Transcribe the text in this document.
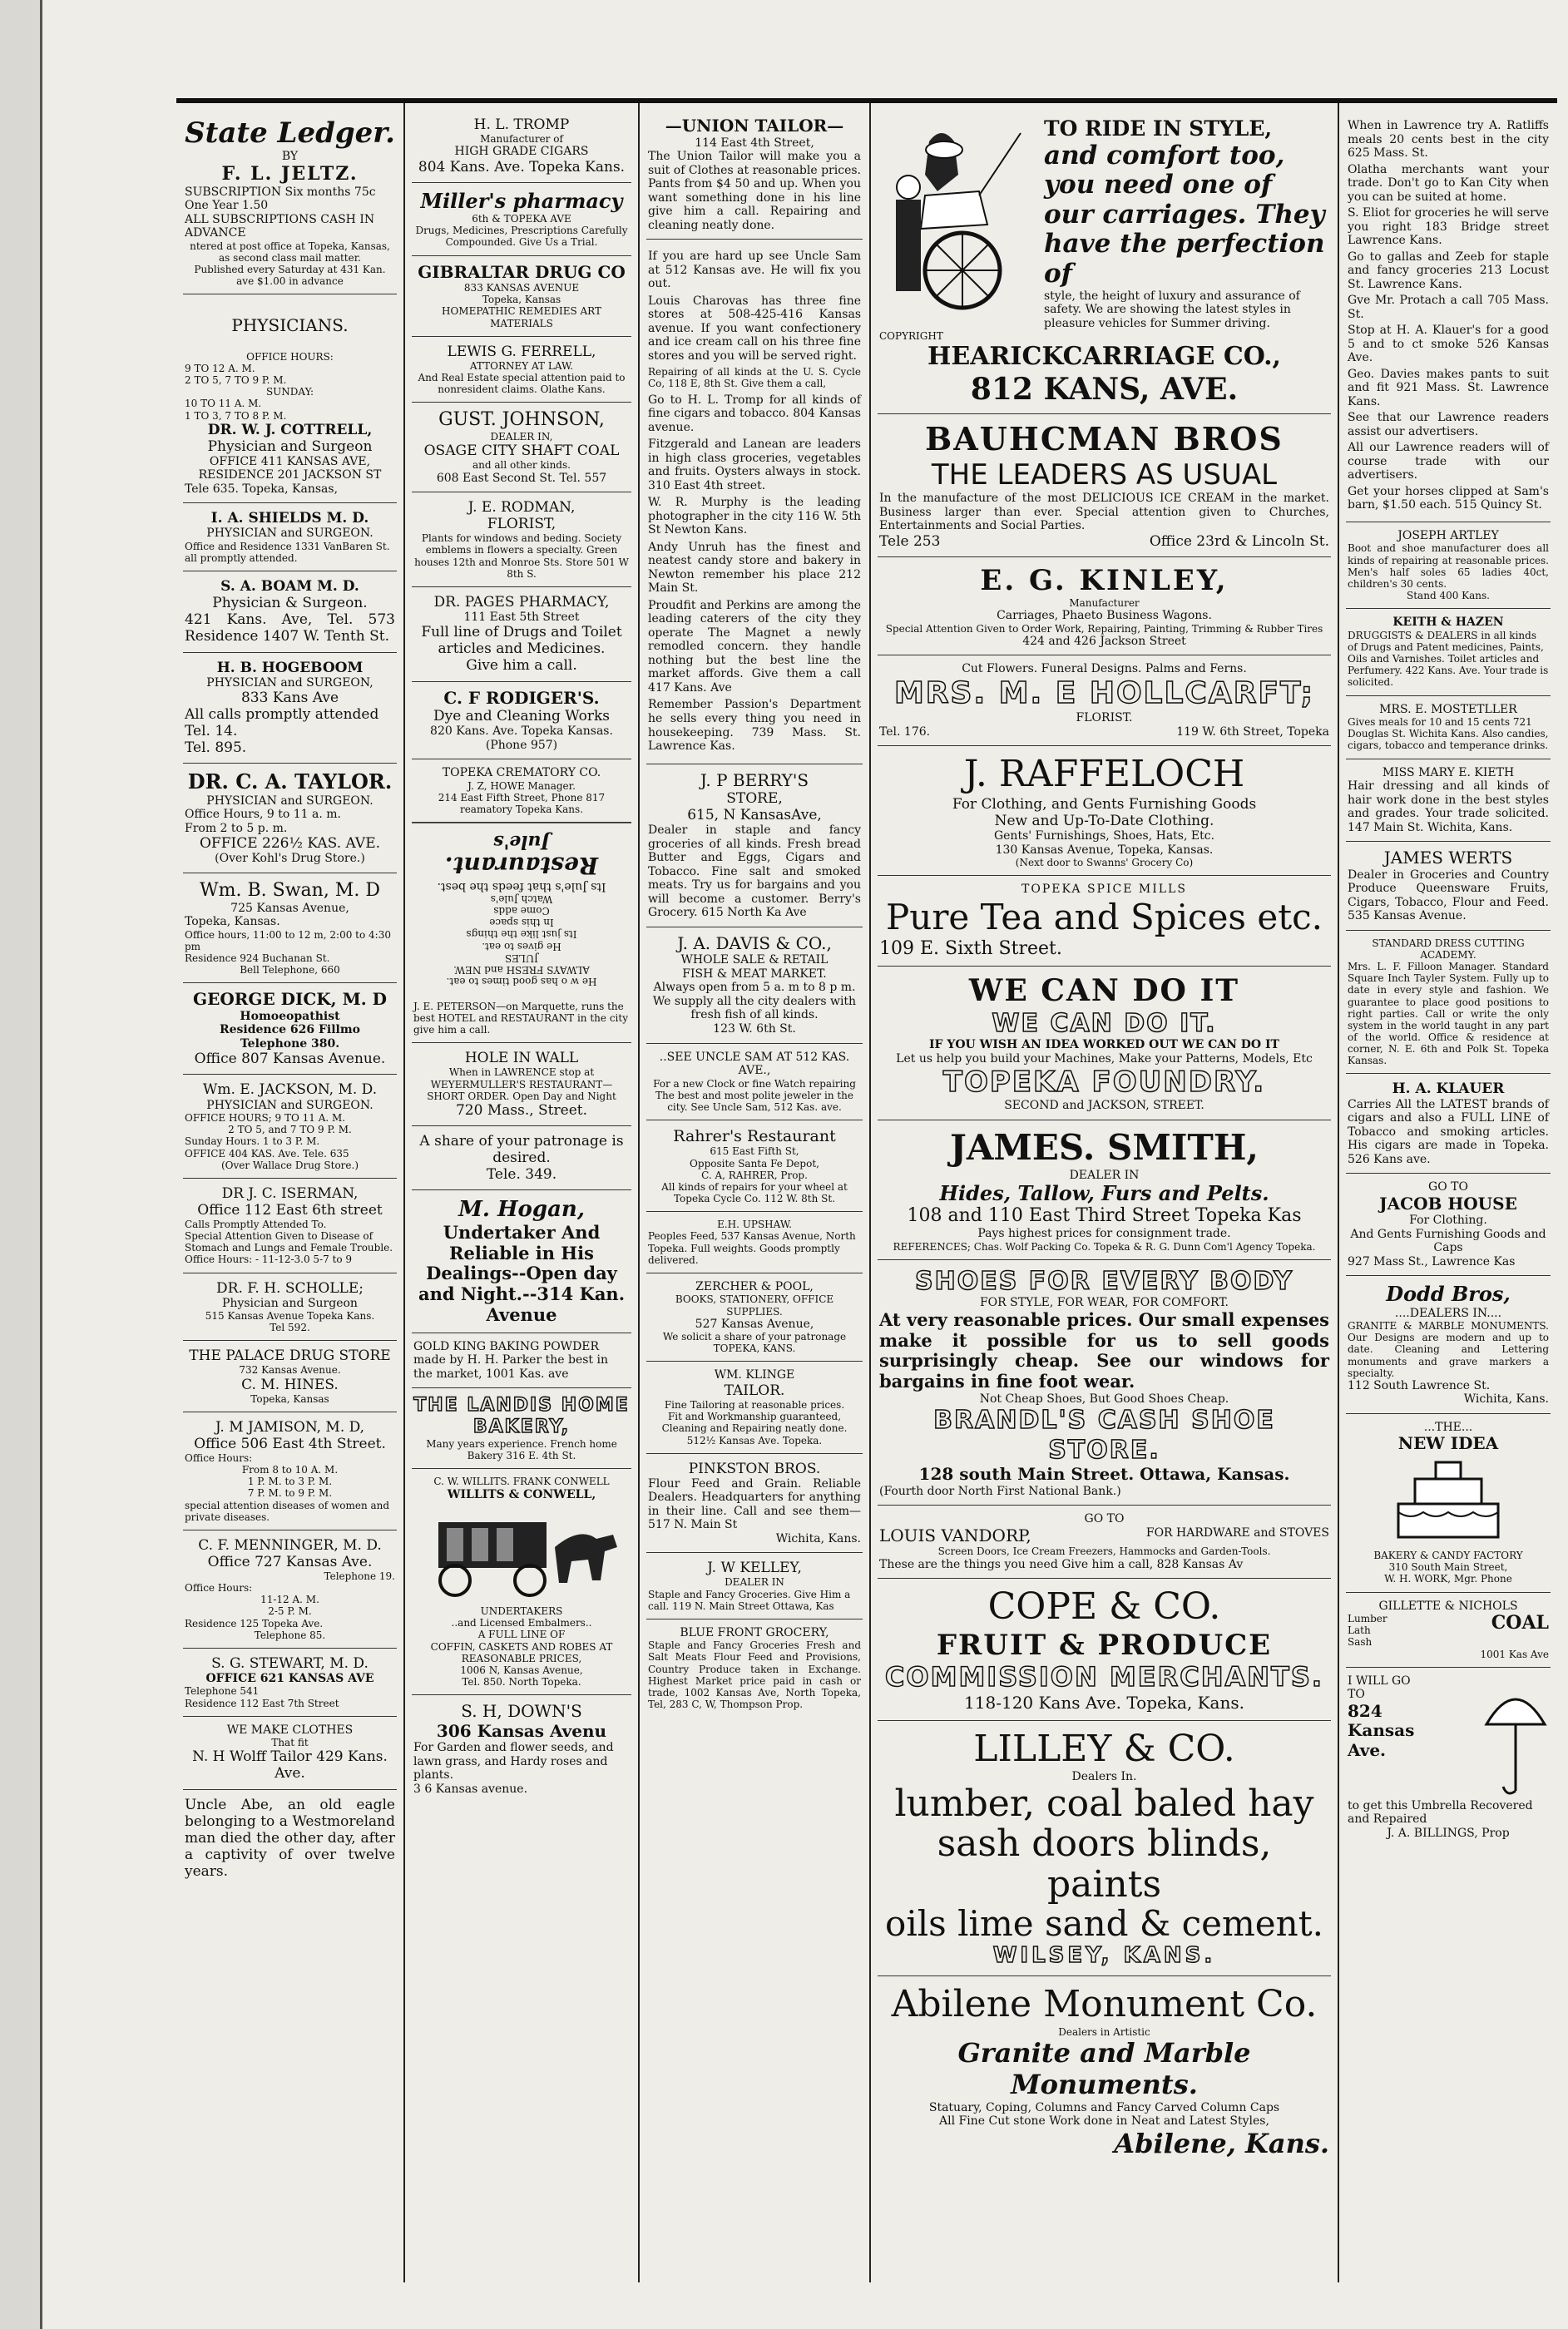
State Ledger.
BY
F. L. JELTZ.
SUBSCRIPTION Six months 75c
One Year 1.50
ALL SUBSCRIPTIONS CASH IN ADVANCE
ntered at post office at Topeka, Kansas, as second class mail matter.
Published every Saturday at 431 Kan. ave $1.00 in advance
PHYSICIANS.
OFFICE HOURS:
9 TO 12 A. M.
2 TO 5, 7 TO 9 P. M.
SUNDAY:
10 TO 11 A. M.
1 TO 3, 7 TO 8 P. M.
DR. W. J. COTTRELL,
Physician and Surgeon
OFFICE 411 KANSAS AVE,
RESIDENCE 201 JACKSON ST
Tele 635. Topeka, Kansas,
I. A. SHIELDS M. D.
PHYSICIAN and SURGEON.
Office and Residence 1331 VanBaren St. all promptly attended.
S. A. BOAM M. D.
Physician & Surgeon.
421 Kans. Ave, Tel. 573 Residence 1407 W. Tenth St.
H. B. HOGEBOOM
PHYSICIAN and SURGEON,
833 Kans Ave
All calls promptly attended Tel. 14.
Tel. 895.
DR. C. A. TAYLOR.
PHYSICIAN and SURGEON.
Office Hours, 9 to 11 a. m.
From 2 to 5 p. m.
OFFICE 226½ KAS. AVE.
(Over Kohl's Drug Store.)
Wm. B. Swan, M. D
725 Kansas Avenue,
Topeka, Kansas.
Office hours, 11:00 to 12 m, 2:00 to 4:30 pm
Residence 924 Buchanan St.
Bell Telephone, 660
GEORGE DICK, M. D
Homoeopathist
Residence 626 Fillmo
Telephone 380.
Office 807 Kansas Avenue.
Wm. E. JACKSON, M. D.
PHYSICIAN and SURGEON.
OFFICE HOURS; 9 TO 11 A. M.
2 TO 5, and 7 TO 9 P. M.
Sunday Hours. 1 to 3 P. M.
OFFICE 404 KAS. Ave. Tele. 635
(Over Wallace Drug Store.)
DR J. C. ISERMAN,
Office 112 East 6th street
Calls Promptly Attended To.
Special Attention Given to Disease of Stomach and Lungs and Female Trouble.
Office Hours: - 11-12-3.0 5-7 to 9
DR. F. H. SCHOLLE;
Physician and Surgeon
515 Kansas Avenue Topeka Kans.
Tel 592.
THE PALACE DRUG STORE
732 Kansas Avenue.
C. M. HINES.
Topeka, Kansas
J. M JAMISON, M. D,
Office 506 East 4th Street.
Office Hours:
From 8 to 10 A. M.
1 P. M. to 3 P. M.
7 P. M. to 9 P. M.
special attention diseases of women and private diseases.
C. F. MENNINGER, M. D.
Office 727 Kansas Ave.
Telephone 19.
Office Hours:
11-12 A. M.
2-5 P. M.
Residence 125 Topeka Ave.
Telephone 85.
S. G. STEWART, M. D.
OFFICE 621 KANSAS AVE
Telephone 541
Residence 112 East 7th Street
WE MAKE CLOTHES
That fit
N. H Wolff Tailor 429 Kans. Ave.
Uncle Abe, an old eagle belonging to a Westmoreland man died the other day, after a captivity of over twelve years.
H. L. TROMP
Manufacturer of
HIGH GRADE CIGARS
804 Kans. Ave. Topeka Kans.
Miller's pharmacy
6th & TOPEKA AVE
Drugs, Medicines, Prescriptions Carefully Compounded. Give Us a Trial.
GIBRALTAR DRUG CO
833 KANSAS AVENUE
Topeka, Kansas
HOMEPATHIC REMEDIES ART MATERIALS
LEWIS G. FERRELL,
ATTORNEY AT LAW.
And Real Estate special attention paid to nonresident claims. Olathe Kans.
GUST. JOHNSON,
DEALER IN,
OSAGE CITY SHAFT COAL
and all other kinds.
608 East Second St. Tel. 557
J. E. RODMAN,
FLORIST,
Plants for windows and beding. Society emblems in flowers a specialty. Green houses 12th and Monroe Sts. Store 501 W 8th S.
DR. PAGES PHARMACY,
111 East 5th Street
Full line of Drugs and Toilet articles and Medicines.
Give him a call.
C. F RODIGER'S.
Dye and Cleaning Works
820 Kans. Ave. Topeka Kansas.
(Phone 957)
TOPEKA CREMATORY CO.
J. Z, HOWE Manager.
214 East Fifth Street, Phone 817 reamatory Topeka Kans.
He w o has good times to eat.
ALWAYS FRESH and NEW.
JULES
He gives to eat.
Its just like the things
In this space
Come adds
Watch Jule's
Its Jule's that feeds the best.
Restaurant.
Jule's
J. E. PETERSON—on Marquette, runs the best HOTEL and RESTAURANT in the city give him a call.
HOLE IN WALL
When in LAWRENCE stop at WEYERMULLER'S RESTAURANT—SHORT ORDER. Open Day and Night
720 Mass., Street.
A share of your patronage is desired.
Tele. 349.
M. Hogan,
Undertaker And Reliable in His Dealings--Open day and Night.--314 Kan. Avenue
GOLD KING BAKING POWDER made by H. H. Parker the best in the market, 1001 Kas. ave
THE LANDIS HOME
BAKERY,
Many years experience. French home Bakery 316 E. 4th St.
C. W. WILLITS. FRANK CONWELL
WILLITS & CONWELL,
UNDERTAKERS
..and Licensed Embalmers..
A FULL LINE OF
COFFIN, CASKETS AND ROBES AT REASONABLE PRICES,
1006 N, Kansas Avenue,
Tel. 850. North Topeka.
S. H, DOWN'S
306 Kansas Avenu
For Garden and flower seeds, and lawn grass, and Hardy roses and plants.
3 6 Kansas avenue.
—UNION TAILOR—
114 East 4th Street,
The Union Tailor will make you a suit of Clothes at reasonable prices. Pants from $4 50 and up. When you want something done in his line give him a call. Repairing and cleaning neatly done.

If you are hard up see Uncle Sam at 512 Kansas ave. He will fix you out.

Louis Charovas has three fine stores at 508-425-416 Kansas avenue. If you want confectionery and ice cream call on his three fine stores and you will be served right.

Repairing of all kinds at the U. S. Cycle Co, 118 E, 8th St. Give them a call,

Go to H. L. Tromp for all kinds of fine cigars and tobacco. 804 Kansas avenue.

Fitzgerald and Lanean are leaders in high class groceries, vegetables and fruits. Oysters always in stock. 310 East 4th street.

W. R. Murphy is the leading photographer in the city 116 W. 5th St Newton Kans.

Andy Unruh has the finest and neatest candy store and bakery in Newton remember his place 212 Main St.

Proudfit and Perkins are among the leading caterers of the city they operate The Magnet a newly remodled concern. they handle nothing but the best line the market affords. Give them a call 417 Kans. Ave

Remember Passion's Department he sells every thing you need in housekeeping. 739 Mass. St. Lawrence Kas.

J. P BERRY'S
STORE,
615, N KansasAve,
Dealer in staple and fancy groceries of all kinds. Fresh bread Butter and Eggs, Cigars and Tobacco. Fine salt and smoked meats. Try us for bargains and you will become a customer. Berry's Grocery. 615 North Ka Ave
J. A. DAVIS & CO.,
WHOLE SALE & RETAIL
FISH & MEAT MARKET.
Always open from 5 a. m to 8 p m.
We supply all the city dealers with fresh fish of all kinds.
123 W. 6th St.
..SEE UNCLE SAM AT 512 KAS. AVE.,
For a new Clock or fine Watch repairing The best and most polite jeweler in the city. See Uncle Sam, 512 Kas. ave.
Rahrer's Restaurant
615 East Fifth St,
Opposite Santa Fe Depot,
C. A, RAHRER, Prop.
All kinds of repairs for your wheel at Topeka Cycle Co. 112 W. 8th St.
E.H. UPSHAW.
Peoples Feed, 537 Kansas Avenue, North Topeka. Full weights. Goods promptly delivered.
ZERCHER & POOL,
BOOKS, STATIONERY, OFFICE SUPPLIES.
527 Kansas Avenue,
We solicit a share of your patronage
TOPEKA, KANS.
WM. KLINGE
TAILOR.
Fine Tailoring at reasonable prices.
Fit and Workmanship guaranteed, Cleaning and Repairing neatly done.
512½ Kansas Ave. Topeka.
PINKSTON BROS.
Flour Feed and Grain. Reliable Dealers. Headquarters for anything in their line. Call and see them—517 N. Main St
Wichita, Kans.
J. W KELLEY,
DEALER IN
Staple and Fancy Groceries. Give Him a call. 119 N. Main Street Ottawa, Kas
BLUE FRONT GROCERY,
Staple and Fancy Groceries Fresh and Salt Meats Flour Feed and Provisions, Country Produce taken in Exchange. Highest Market price paid in cash or trade, 1002 Kansas Ave, North Topeka, Tel, 283 C, W, Thompson Prop.
TO RIDE IN STYLE,
and comfort too, you need one of our carriages. They have the perfection of
style, the height of luxury and assurance of safety. We are showing the latest styles in pleasure vehicles for Summer driving.
COPYRIGHT
HEARICKCARRIAGE CO.,
812 KANS, AVE.
BAUHCMAN BROS
THE LEADERS AS USUAL
In the manufacture of the most DELICIOUS ICE CREAM in the market. Business larger than ever. Special attention given to Churches, Entertainments and Social Parties.
Tele 253	Office 23rd & Lincoln St.
E. G. KINLEY,
Manufacturer
Carriages, Phaeto Business Wagons.
Special Attention Given to Order Work, Repairing, Painting, Trimming & Rubber Tires
424 and 426 Jackson Street
Cut Flowers. Funeral Designs. Palms and Ferns.
MRS. M. E HOLLCARFT;
FLORIST.
Tel. 176.	119 W. 6th Street, Topeka
J. RAFFELOCH
For Clothing, and Gents Furnishing Goods
New and Up-To-Date Clothing.
Gents' Furnishings, Shoes, Hats, Etc.
130 Kansas Avenue, Topeka, Kansas.
(Next door to Swanns' Grocery Co)
TOPEKA SPICE MILLS
Pure Tea and Spices etc.
109 E. Sixth Street.
WE CAN DO IT
WE CAN DO IT.
IF YOU WISH AN IDEA WORKED OUT WE CAN DO IT
Let us help you build your Machines, Make your Patterns, Models, Etc
TOPEKA FOUNDRY.
SECOND and JACKSON, STREET.
JAMES. SMITH,
DEALER IN
Hides, Tallow, Furs and Pelts.
108 and 110 East Third Street Topeka Kas
Pays highest prices for consignment trade.
REFERENCES; Chas. Wolf Packing Co. Topeka & R. G. Dunn Com'l Agency Topeka.
SHOES FOR EVERY BODY
FOR STYLE, FOR WEAR, FOR COMFORT.
At very reasonable prices. Our small expenses make it possible for us to sell goods surprisingly cheap. See our windows for bargains in fine foot wear.
Not Cheap Shoes, But Good Shoes Cheap.
BRANDL'S CASH SHOE STORE.
128 south Main Street. Ottawa, Kansas.
(Fourth door North First National Bank.)
GO TO
LOUIS VANDORP,	FOR HARDWARE and STOVES
Screen Doors, Ice Cream Freezers, Hammocks and Garden-Tools.
These are the things you need Give him a call, 828 Kansas Av
COPE & CO.
FRUIT & PRODUCE
COMMISSION MERCHANTS.
118-120 Kans Ave. Topeka, Kans.
LILLEY & CO.
Dealers In.
lumber, coal baled hay
sash doors blinds, paints
oils lime sand & cement.
WILSEY, KANS.
Abilene Monument Co.
Dealers in Artistic
Granite and Marble Monuments.
Statuary, Coping, Columns and Fancy Carved Column Caps
All Fine Cut stone Work done in Neat and Latest Styles,
Abilene, Kans.

When in Lawrence try A. Ratliffs meals 20 cents best in the city 625 Mass. St.

Olatha merchants want your trade. Don't go to Kan City when you can be suited at home.

S. Eliot for groceries he will serve you right 183 Bridge street Lawrence Kans.

Go to gallas and Zeeb for staple and fancy groceries 213 Locust St. Lawrence Kans.

Gve Mr. Protach a call 705 Mass. St.

Stop at H. A. Klauer's for a good 5 and to ct smoke 526 Kansas Ave.

Geo. Davies makes pants to suit and fit 921 Mass. St. Lawrence Kans.

See that our Lawrence readers assist our advertisers.

All our Lawrence readers will of course trade with our advertisers.

Get your horses clipped at Sam's barn, $1.50 each. 515 Quincy St.

JOSEPH ARTLEY
Boot and shoe manufacturer does all kinds of repairing at reasonable prices. Men's half soles 65 ladies 40ct, children's 30 cents.
Stand 400 Kans.
KEITH & HAZEN
DRUGGISTS & DEALERS in all kinds of Drugs and Patent medicines, Paints, Oils and Varnishes. Toilet articles and Perfumery. 422 Kans. Ave. Your trade is solicited.
MRS. E. MOSTETLLER
Gives meals for 10 and 15 cents 721 Douglas St. Wichita Kans. Also candies, cigars, tobacco and temperance drinks.
MISS MARY E. KIETH
Hair dressing and all kinds of hair work done in the best styles and grades. Your trade solicited. 147 Main St. Wichita, Kans.
JAMES WERTS
Dealer in Groceries and Country Produce Queensware Fruits, Cigars, Tobacco, Flour and Feed. 535 Kansas Avenue.
STANDARD DRESS CUTTING ACADEMY.
Mrs. L. F. Filloon Manager. Standard Square Inch Tayler System. Fully up to date in every style and fashion. We guarantee to place good positions to right parties. Call or write the only system in the world taught in any part of the world. Office & residence at corner, N. E. 6th and Polk St. Topeka Kansas.
H. A. KLAUER
Carries All the LATEST brands of cigars and also a FULL LINE of Tobacco and smoking articles. His cigars are made in Topeka. 526 Kans ave.
GO TO
JACOB HOUSE
For Clothing.
And Gents Furnishing Goods and Caps
927 Mass St., Lawrence Kas
Dodd Bros,
....DEALERS IN....
GRANITE & MARBLE MONUMENTS. Our Designs are modern and up to date. Cleaning and Lettering monuments and grave markers a specialty.
112 South Lawrence St.
Wichita, Kans.
...THE...
NEW IDEA
BAKERY & CANDY FACTORY
310 South Main Street,
W. H. WORK, Mgr. Phone
GILLETTE & NICHOLS
Lumber
Lath
Sash
COAL
1001 Kas Ave
I WILL GO
TO
824
Kansas
Ave.
to get this Umbrella Recovered and Repaired
J. A. BILLINGS, Prop
